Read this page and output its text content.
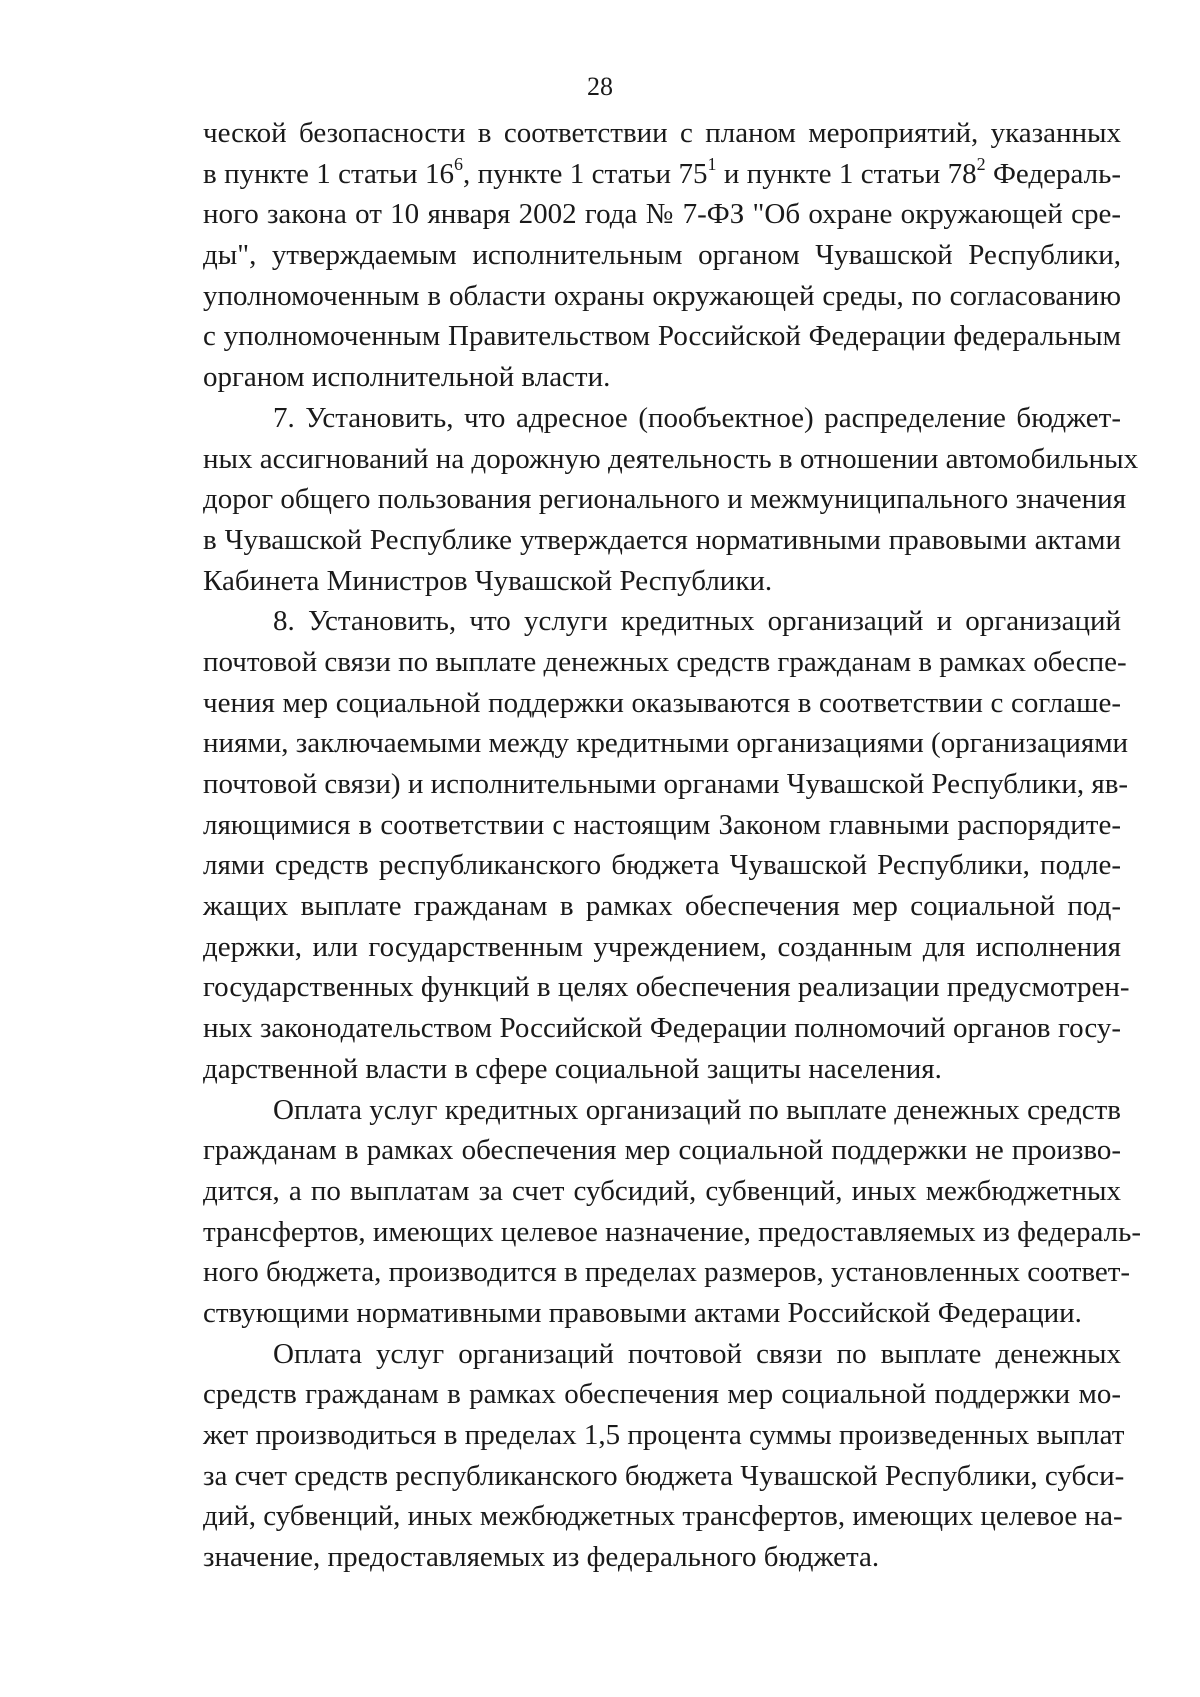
28
ческой безопасности в соответствии с планом мероприятий, указанных
в пункте 1 статьи $16^6$, пункте 1 статьи $75^1$ и пункте 1 статьи $78^2$ Федераль-
ного закона от 10 января 2002 года № 7-ФЗ "Об охране окружающей сре-
ды", утверждаемым исполнительным органом Чувашской Республики,
уполномоченным в области охраны окружающей среды, по согласованию
с уполномоченным Правительством Российской Федерации федеральным
органом исполнительной власти.
7. Установить, что адресное (пообъектное) распределение бюджет-
ных ассигнований на дорожную деятельность в отношении автомобильных
дорог общего пользования регионального и межмуниципального значения
в Чувашской Республике утверждается нормативными правовыми актами
Кабинета Министров Чувашской Республики.
8. Установить, что услуги кредитных организаций и организаций
почтовой связи по выплате денежных средств гражданам в рамках обеспе-
чения мер социальной поддержки оказываются в соответствии с соглаше-
ниями, заключаемыми между кредитными организациями (организациями
почтовой связи) и исполнительными органами Чувашской Республики, яв-
ляющимися в соответствии с настоящим Законом главными распорядите-
лями средств республиканского бюджета Чувашской Республики, подле-
жащих выплате гражданам в рамках обеспечения мер социальной под-
держки, или государственным учреждением, созданным для исполнения
государственных функций в целях обеспечения реализации предусмотрен-
ных законодательством Российской Федерации полномочий органов госу-
дарственной власти в сфере социальной защиты населения.
Оплата услуг кредитных организаций по выплате денежных средств
гражданам в рамках обеспечения мер социальной поддержки не произво-
дится, а по выплатам за счет субсидий, субвенций, иных межбюджетных
трансфертов, имеющих целевое назначение, предоставляемых из федераль-
ного бюджета, производится в пределах размеров, установленных соответ-
ствующими нормативными правовыми актами Российской Федерации.
Оплата услуг организаций почтовой связи по выплате денежных
средств гражданам в рамках обеспечения мер социальной поддержки мо-
жет производиться в пределах 1,5 процента суммы произведенных выплат
за счет средств республиканского бюджета Чувашской Республики, субси-
дий, субвенций, иных межбюджетных трансфертов, имеющих целевое на-
значение, предоставляемых из федерального бюджета.
